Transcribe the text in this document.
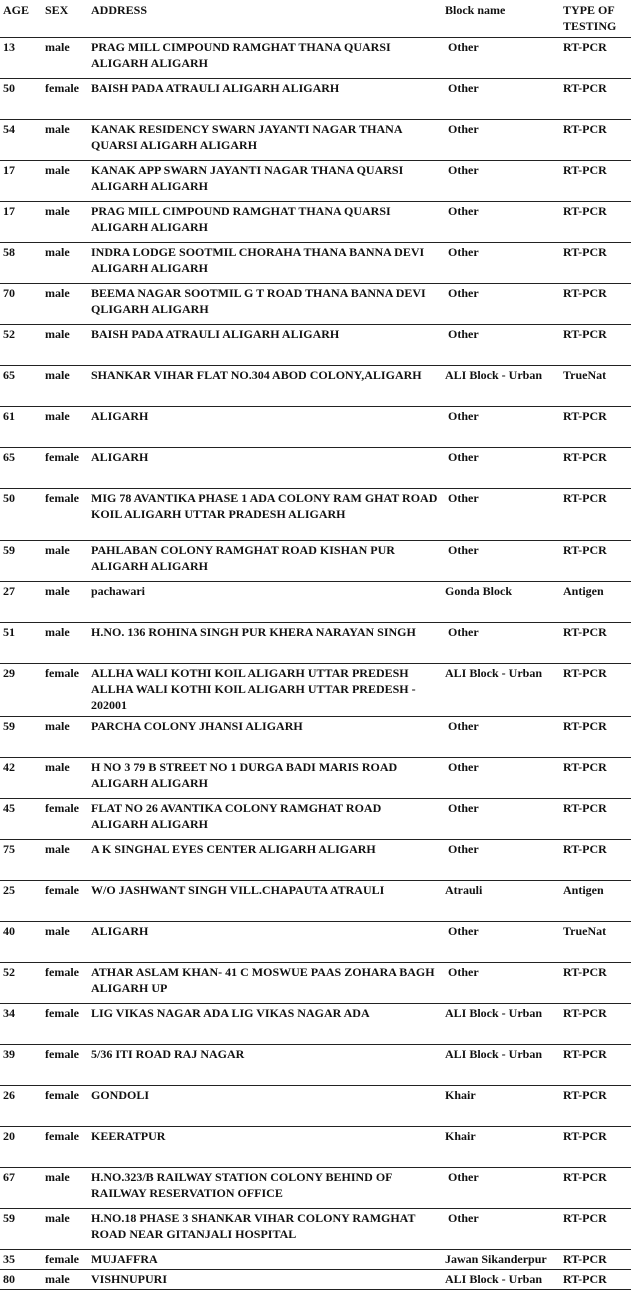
AGE	SEX	ADDRESS	Block name	TYPE OF TESTING
13	male	PRAG MILL CIMPOUND RAMGHAT THANA QUARSI ALIGARH ALIGARH	Other	RT-PCR
50	female	BAISH PADA ATRAULI ALIGARH ALIGARH	Other	RT-PCR
54	male	KANAK RESIDENCY SWARN JAYANTI NAGAR THANA QUARSI ALIGARH ALIGARH	Other	RT-PCR
17	male	KANAK APP SWARN JAYANTI NAGAR THANA QUARSI ALIGARH ALIGARH	Other	RT-PCR
17	male	PRAG MILL CIMPOUND RAMGHAT THANA QUARSI ALIGARH ALIGARH	Other	RT-PCR
58	male	INDRA LODGE SOOTMIL CHORAHA THANA BANNA DEVI ALIGARH ALIGARH	Other	RT-PCR
70	male	BEEMA NAGAR SOOTMIL G T ROAD THANA BANNA DEVI QLIGARH ALIGARH	Other	RT-PCR
52	male	BAISH PADA ATRAULI ALIGARH ALIGARH	Other	RT-PCR
65	male	SHANKAR VIHAR FLAT NO.304 ABOD COLONY,ALIGARH	ALI Block - Urban	TrueNat
61	male	ALIGARH	Other	RT-PCR
65	female	ALIGARH	Other	RT-PCR
50	female	MIG 78 AVANTIKA PHASE 1 ADA COLONY RAM GHAT ROAD KOIL ALIGARH UTTAR PRADESH ALIGARH	Other	RT-PCR
59	male	PAHLABAN COLONY RAMGHAT ROAD KISHAN PUR ALIGARH ALIGARH	Other	RT-PCR
27	male	pachawari	Gonda Block	Antigen
51	male	H.NO. 136 ROHINA SINGH PUR KHERA NARAYAN SINGH	Other	RT-PCR
29	female	ALLHA WALI KOTHI KOIL ALIGARH UTTAR PREDESH ALLHA WALI KOTHI KOIL ALIGARH UTTAR PREDESH - 202001	ALI Block - Urban	RT-PCR
59	male	PARCHA COLONY JHANSI ALIGARH	Other	RT-PCR
42	male	H NO 3 79 B STREET NO 1 DURGA BADI MARIS ROAD ALIGARH ALIGARH	Other	RT-PCR
45	female	FLAT NO 26 AVANTIKA COLONY RAMGHAT ROAD ALIGARH ALIGARH	Other	RT-PCR
75	male	A K SINGHAL EYES CENTER ALIGARH ALIGARH	Other	RT-PCR
25	female	W/O JASHWANT SINGH VILL.CHAPAUTA ATRAULI	Atrauli	Antigen
40	male	ALIGARH	Other	TrueNat
52	female	ATHAR ASLAM KHAN- 41 C MOSWUE PAAS ZOHARA BAGH ALIGARH UP	Other	RT-PCR
34	female	LIG VIKAS NAGAR ADA LIG VIKAS NAGAR ADA	ALI Block - Urban	RT-PCR
39	female	5/36 ITI ROAD RAJ NAGAR	ALI Block - Urban	RT-PCR
26	female	GONDOLI	Khair	RT-PCR
20	female	KEERATPUR	Khair	RT-PCR
67	male	H.NO.323/B RAILWAY STATION COLONY BEHIND OF RAILWAY RESERVATION OFFICE	Other	RT-PCR
59	male	H.NO.18 PHASE 3 SHANKAR VIHAR COLONY RAMGHAT ROAD NEAR GITANJALI HOSPITAL	Other	RT-PCR
35	female	MUJAFFRA	Jawan Sikanderpur	RT-PCR
80	male	VISHNUPURI	ALI Block - Urban	RT-PCR
